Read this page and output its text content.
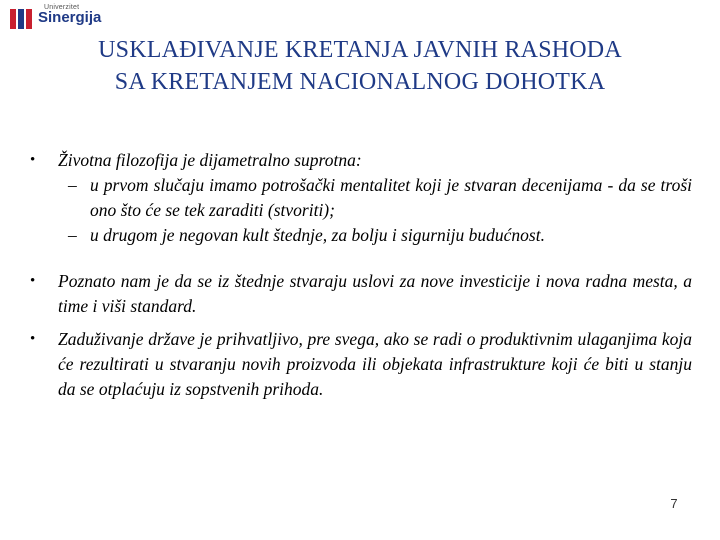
Univerzitet
Sinergija
USKLAĐIVANJE KRETANJA JAVNIH RASHODA
SA KRETANJEM NACIONALNOG DOHOTKA
• Životna filozofija je dijametralno suprotna:
– u prvom slučaju imamo potrošački mentalitet koji je stvaran decenijama - da se troši ono što će se tek zaraditi (stvoriti);
– u drugom je negovan kult štednje, za bolju i sigurniju budućnost.
• Poznato nam je da se iz štednje stvaraju uslovi za nove investicije i nova radna mesta, a time i viši standard.
• Zaduživanje države je prihvatljivo, pre svega, ako se radi o produktivnim ulaganjima koja će rezultirati u stvaranju novih proizvoda ili objekata infrastrukture koji će biti u stanju da se otplaćuju iz sopstvenih prihoda.
7
